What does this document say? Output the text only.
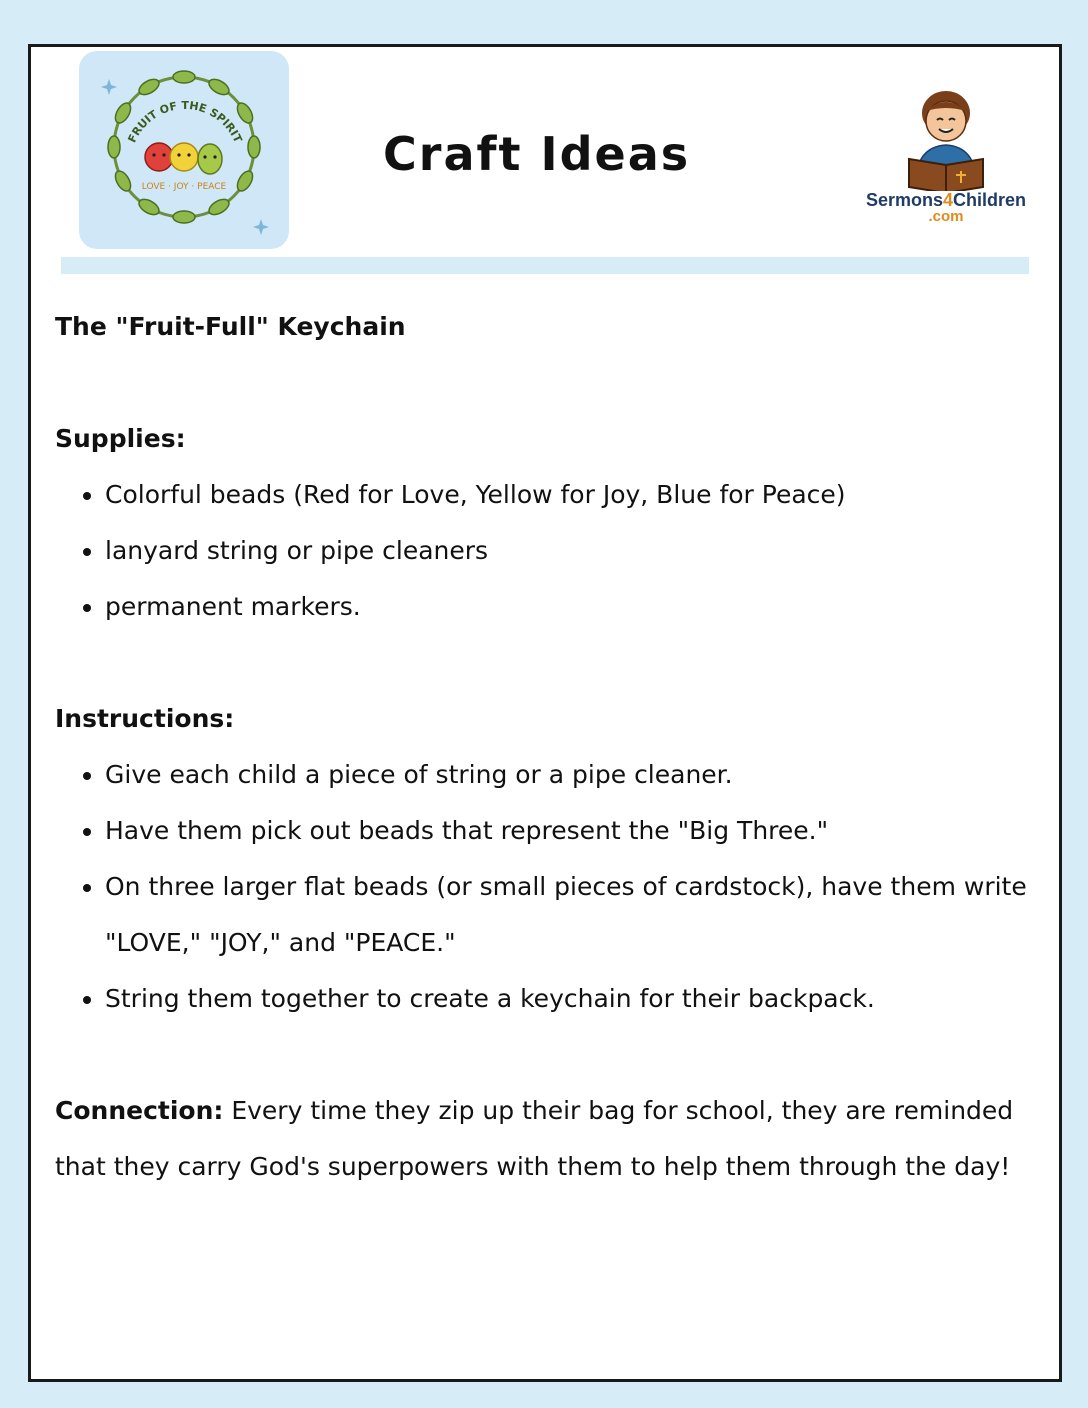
FRUIT OF THE SPIRIT
LOVE · JOY · PEACE
Craft Ideas
Sermons4Children
.com

The "Fruit-Full" Keychain

Supplies:
• Colorful beads (Red for Love, Yellow for Joy, Blue for Peace)
• lanyard string or pipe cleaners
• permanent markers.
Instructions:
• Give each child a piece of string or a pipe cleaner.
• Have them pick out beads that represent the "Big Three."
• On three larger flat beads (or small pieces of cardstock), have them write "LOVE," "JOY," and "PEACE."
• String them together to create a keychain for their backpack.

Connection: Every time they zip up their bag for school, they are reminded that they carry God's superpowers with them to help them through the day!
